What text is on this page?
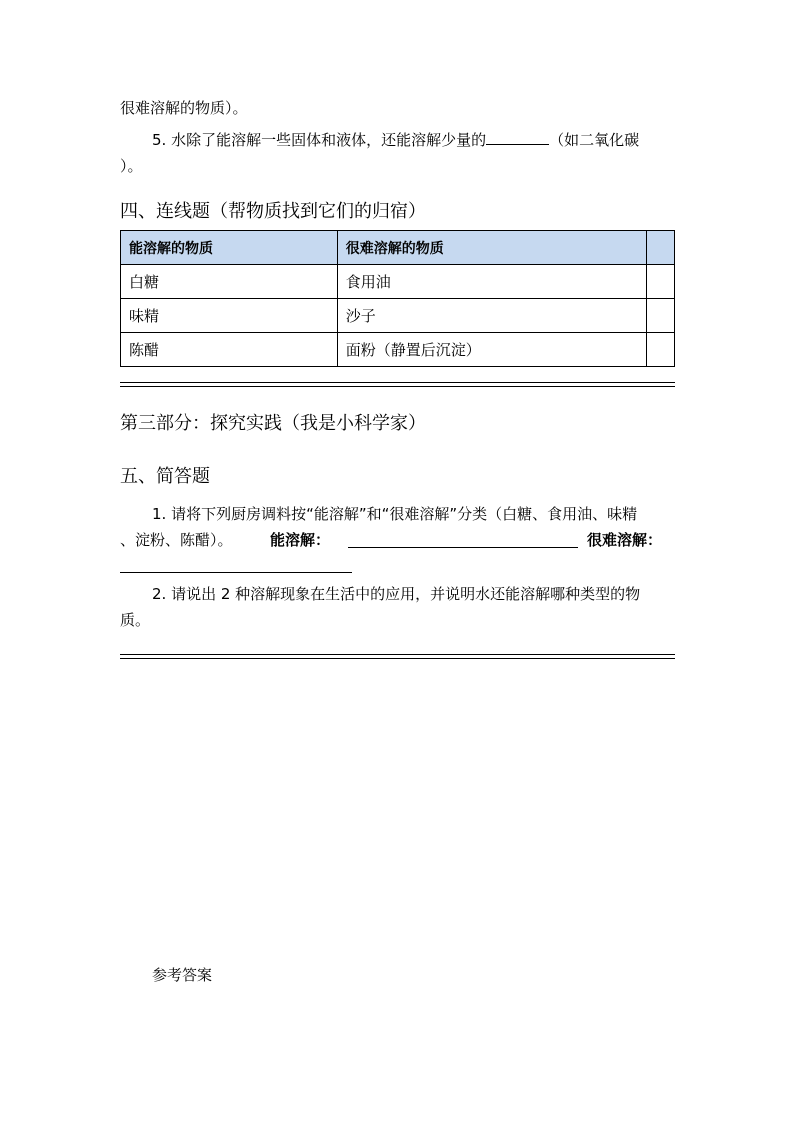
很难溶解的物质）。
5. 水除了能溶解一些固体和液体，还能溶解少量的	（如二氧化碳
）。
四、连线题（帮物质找到它们的归宿）
能溶解的物质	很难溶解的物质	
白糖	食用油	
味精	沙子	
陈醋	面粉（静置后沉淀）	
第三部分：探究实践（我是小科学家）
五、简答题
1. 请将下列厨房调料按“能溶解”和“很难溶解”分类（白糖、食用油、味精
、淀粉、陈醋）。 能溶解：	很难溶解：
2. 请说出 2 种溶解现象在生活中的应用，并说明水还能溶解哪种类型的物
质。
参考答案
